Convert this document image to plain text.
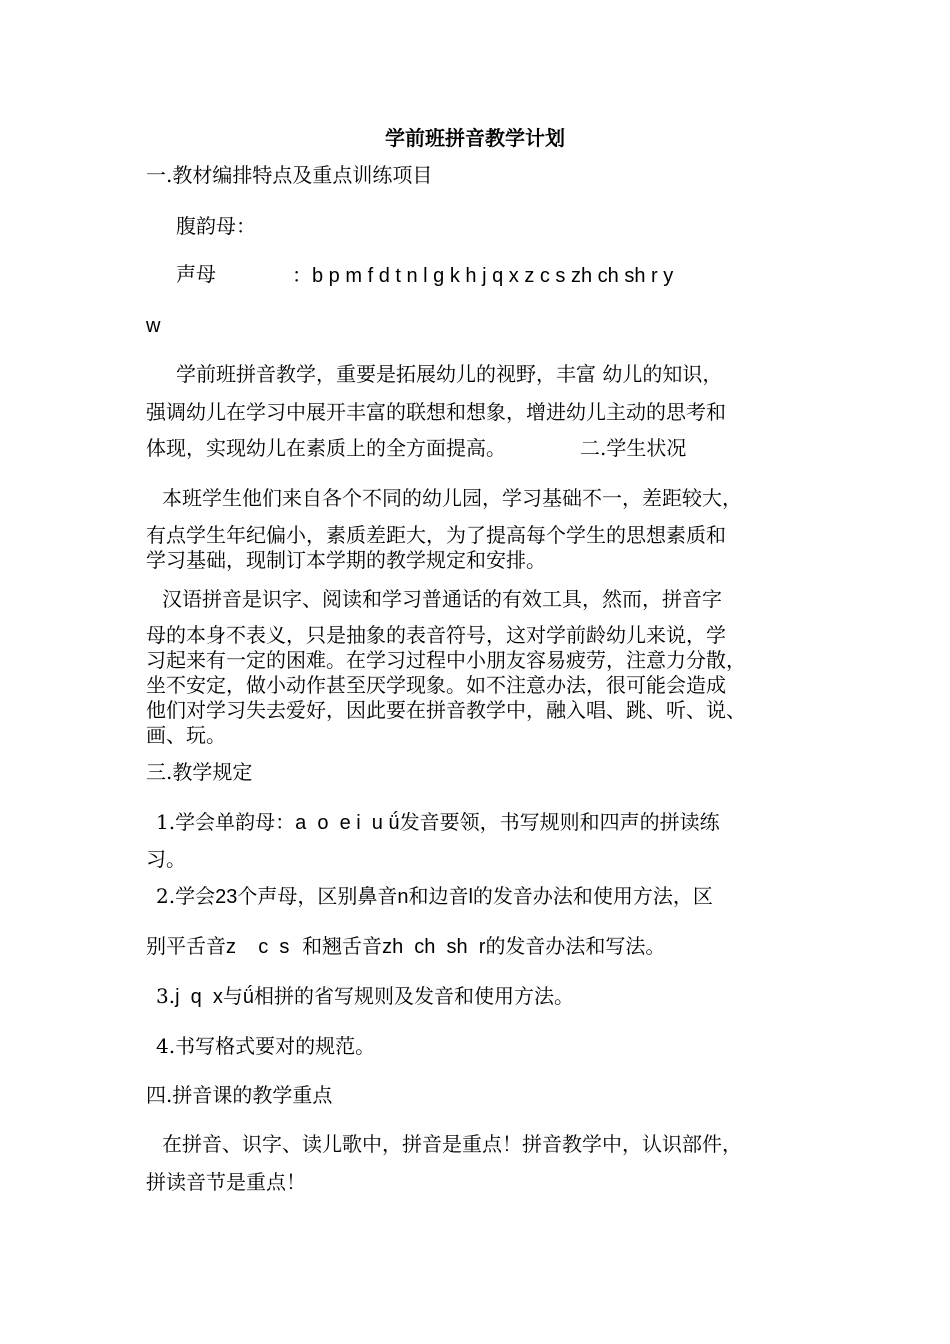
学前班拼音教学计划
一.教材编排特点及重点训练项目
腹韵母：
声母	：b p m f d t n l g k h j q x z c s zh ch sh r y
w
学前班拼音教学，重要是拓展幼儿的视野，丰富 幼儿的知识，
强调幼儿在学习中展开丰富的联想和想象，增进幼儿主动的思考和
体现，实现幼儿在素质上的全方面提高。	二.学生状况
本班学生他们来自各个不同的幼儿园，学习基础不一，差距较大，
有点学生年纪偏小，素质差距大，为了提高每个学生的思想素质和
学习基础，现制订本学期的教学规定和安排。
汉语拼音是识字、阅读和学习普通话的有效工具，然而，拼音字
母的本身不表义，只是抽象的表音符号，这对学前龄幼儿来说，学
习起来有一定的困难。在学习过程中小朋友容易疲劳，注意力分散，
坐不安定，做小动作甚至厌学现象。如不注意办法，很可能会造成
他们对学习失去爱好，因此要在拼音教学中，融入唱、跳、听、说、
画、玩。
三.教学规定
1.学会单韵母：a  o  e i  u ǘ发音要领，书写规则和四声的拼读练
习。
2.学会23个声母，区别鼻音n和边音l的发音办法和使用方法，区
别平舌音z    c  s 和翘舌音zh  ch  sh  r的发音办法和写法。
3.j  q  x与ǘ相拼的省写规则及发音和使用方法。
4.书写格式要对的规范。
四.拼音课的教学重点
在拼音、识字、读儿歌中，拼音是重点！拼音教学中，认识部件，
拼读音节是重点！
